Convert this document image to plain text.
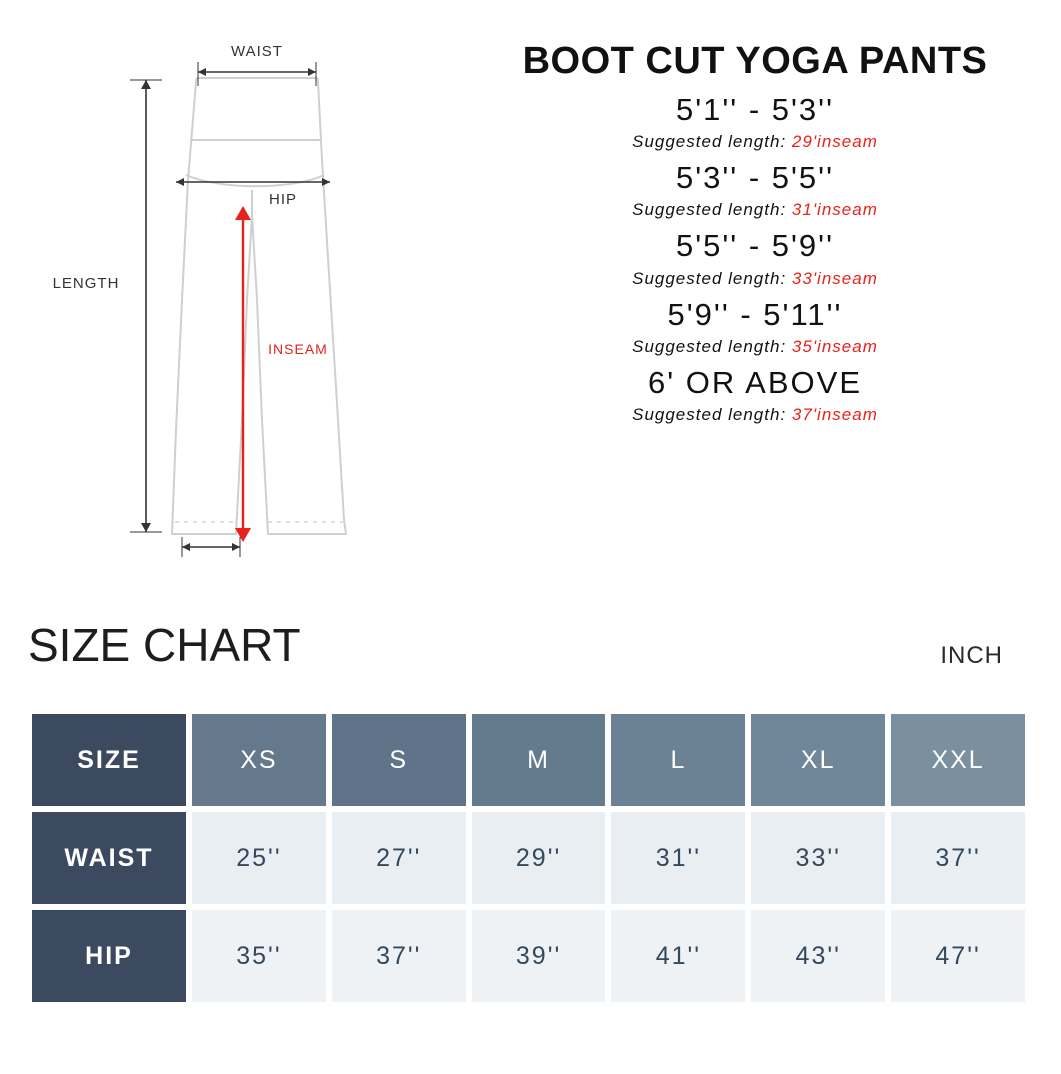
WAIST
HIP
LENGTH
INSEAM
BOOT CUT YOGA PANTS
5'1'' - 5'3''
Suggested length: 29'inseam
5'3'' - 5'5''
Suggested length: 31'inseam
5'5'' - 5'9''
Suggested length: 33'inseam
5'9'' - 5'11''
Suggested length: 35'inseam
6' OR ABOVE
Suggested length: 37'inseam
SIZE CHART	INCH
SIZE	XS	S	M	L	XL	XXL
WAIST	25''	27''	29''	31''	33''	37''
HIP	35''	37''	39''	41''	43''	47''
